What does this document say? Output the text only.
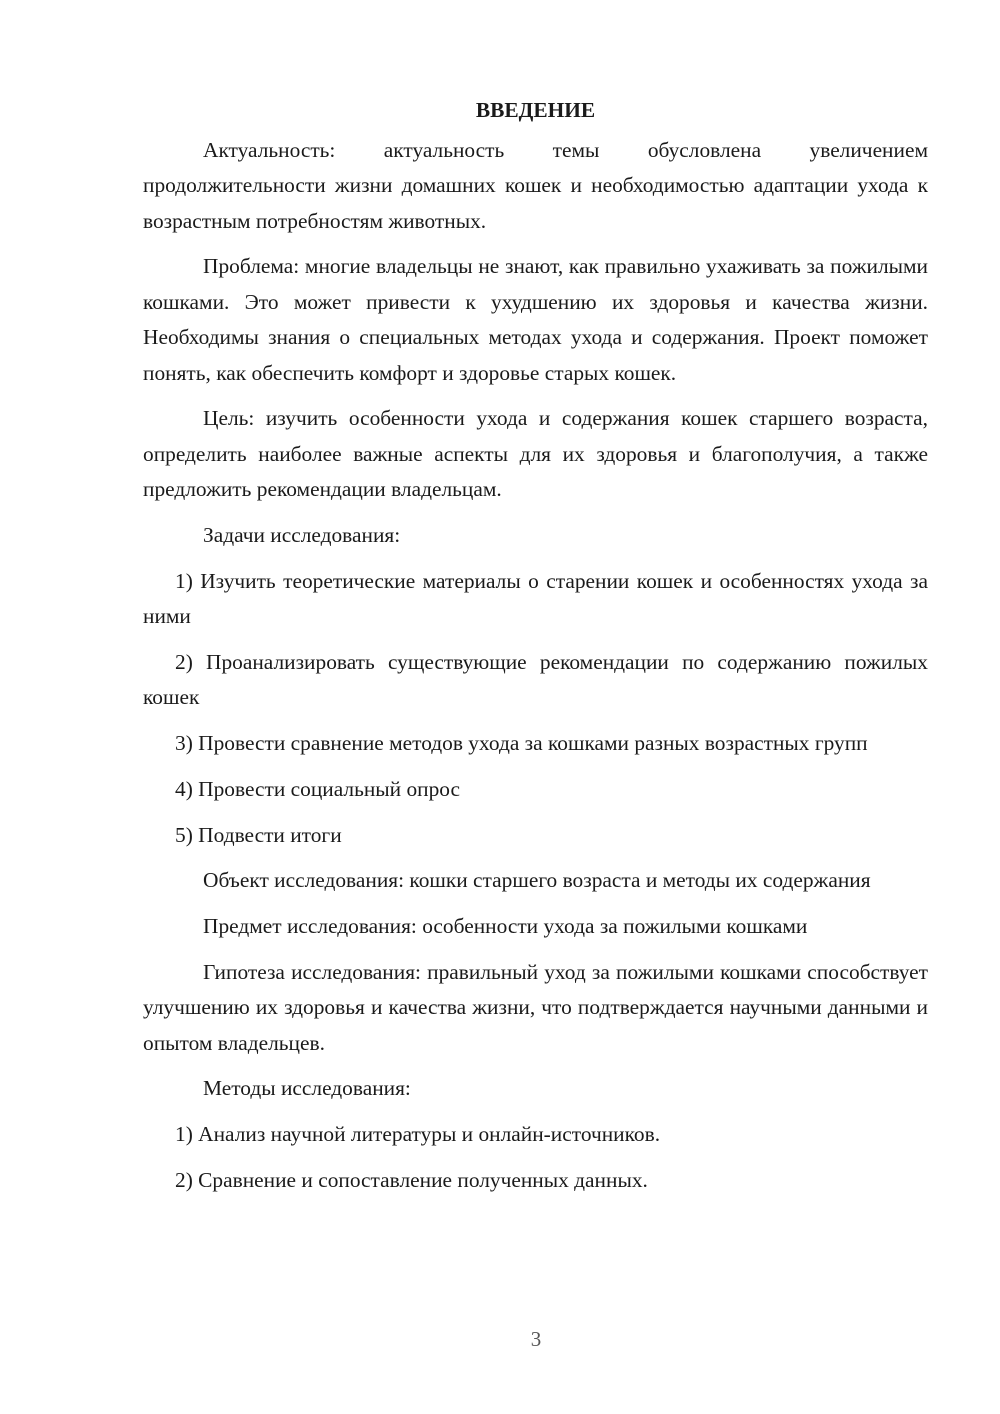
ВВЕДЕНИЕ

Актуальность: актуальность темы обусловлена увеличением продолжительности жизни домашних кошек и необходимостью адаптации ухода к возрастным потребностям животных.

Проблема: многие владельцы не знают, как правильно ухаживать за пожилыми кошками. Это может привести к ухудшению их здоровья и качества жизни. Необходимы знания о специальных методах ухода и содержания. Проект поможет понять, как обеспечить комфорт и здоровье старых кошек.

Цель: изучить особенности ухода и содержания кошек старшего возраста, определить наиболее важные аспекты для их здоровья и благополучия, а также предложить рекомендации владельцам.

Задачи исследования:

1) Изучить теоретические материалы о старении кошек и особенностях ухода за ними

2) Проанализировать существующие рекомендации по содержанию пожилых кошек

3) Провести сравнение методов ухода за кошками разных возрастных групп

4) Провести социальный опрос

5) Подвести итоги

Объект исследования: кошки старшего возраста и методы их содержания

Предмет исследования: особенности ухода за пожилыми кошками

Гипотеза исследования: правильный уход за пожилыми кошками способствует улучшению их здоровья и качества жизни, что подтверждается научными данными и опытом владельцев.

Методы исследования:

1) Анализ научной литературы и онлайн-источников.

2) Сравнение и сопоставление полученных данных.

3
